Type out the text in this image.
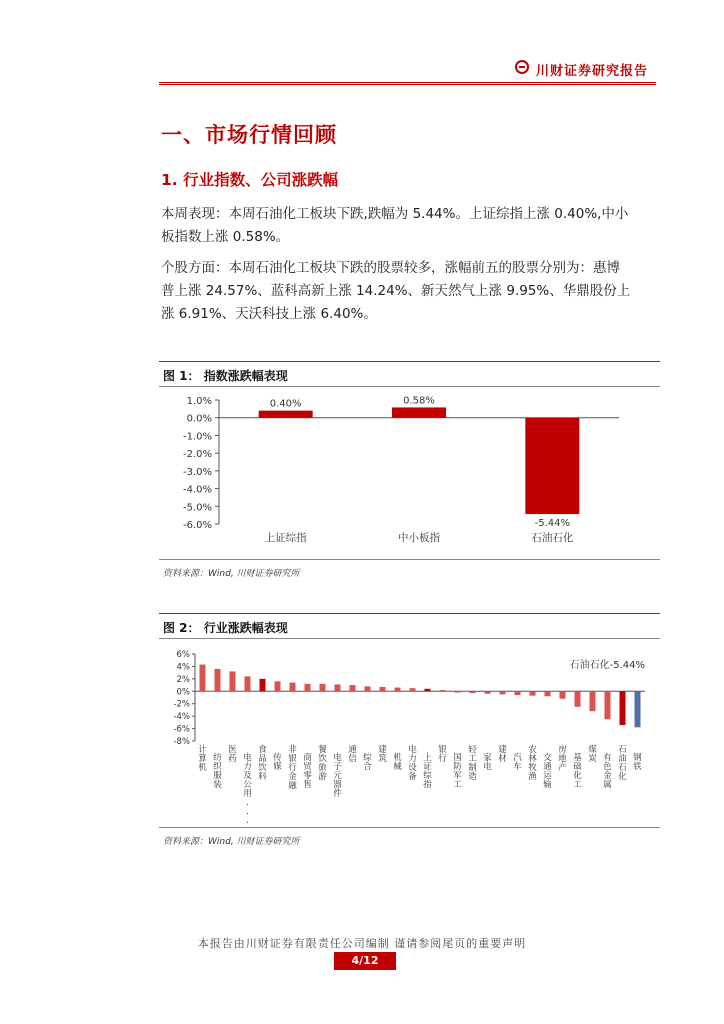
川财证券研究报告
一、市场行情回顾
1. 行业指数、公司涨跌幅
本周表现：本周石油化工板块下跌,跌幅为 5.44%。上证综指上涨 0.40%,中小
板指数上涨 0.58%。
个股方面：本周石油化工板块下跌的股票较多，涨幅前五的股票分别为：惠博
普上涨 24.57%、蓝科高新上涨 14.24%、新天然气上涨 9.95%、华鼎股份上
涨 6.91%、天沃科技上涨 6.40%。
图 1： 指数涨跌幅表现
1.0%
0.0%
-1.0%
-2.0%
-3.0%
-4.0%
-5.0%
-6.0%
0.40%
上证综指
0.58%
中小板指
-5.44%
石油石化
资料来源：Wind, 川财证券研究所
图 2： 行业涨跌幅表现
6%
4%
2%
0%
-2%
-4%
-6%
-8%
石油石化-5.44%
计算机
纺织服装
医药 电力及公用. . .
食品饮料
传媒
非银行金融
商贸零售
餐饮旅游
电子元器件
通信 综合
建筑 机械
电力设备
上证综指
银行 国防军工
轻工制造
家电
建材 汽车
农林牧渔
交通运输
房地产
基础化工
煤炭 有色金属
石油石化
钢铁
资料来源：Wind, 川财证券研究所
本报告由川财证券有限责任公司编制 谨请参阅尾页的重要声明
4/12
